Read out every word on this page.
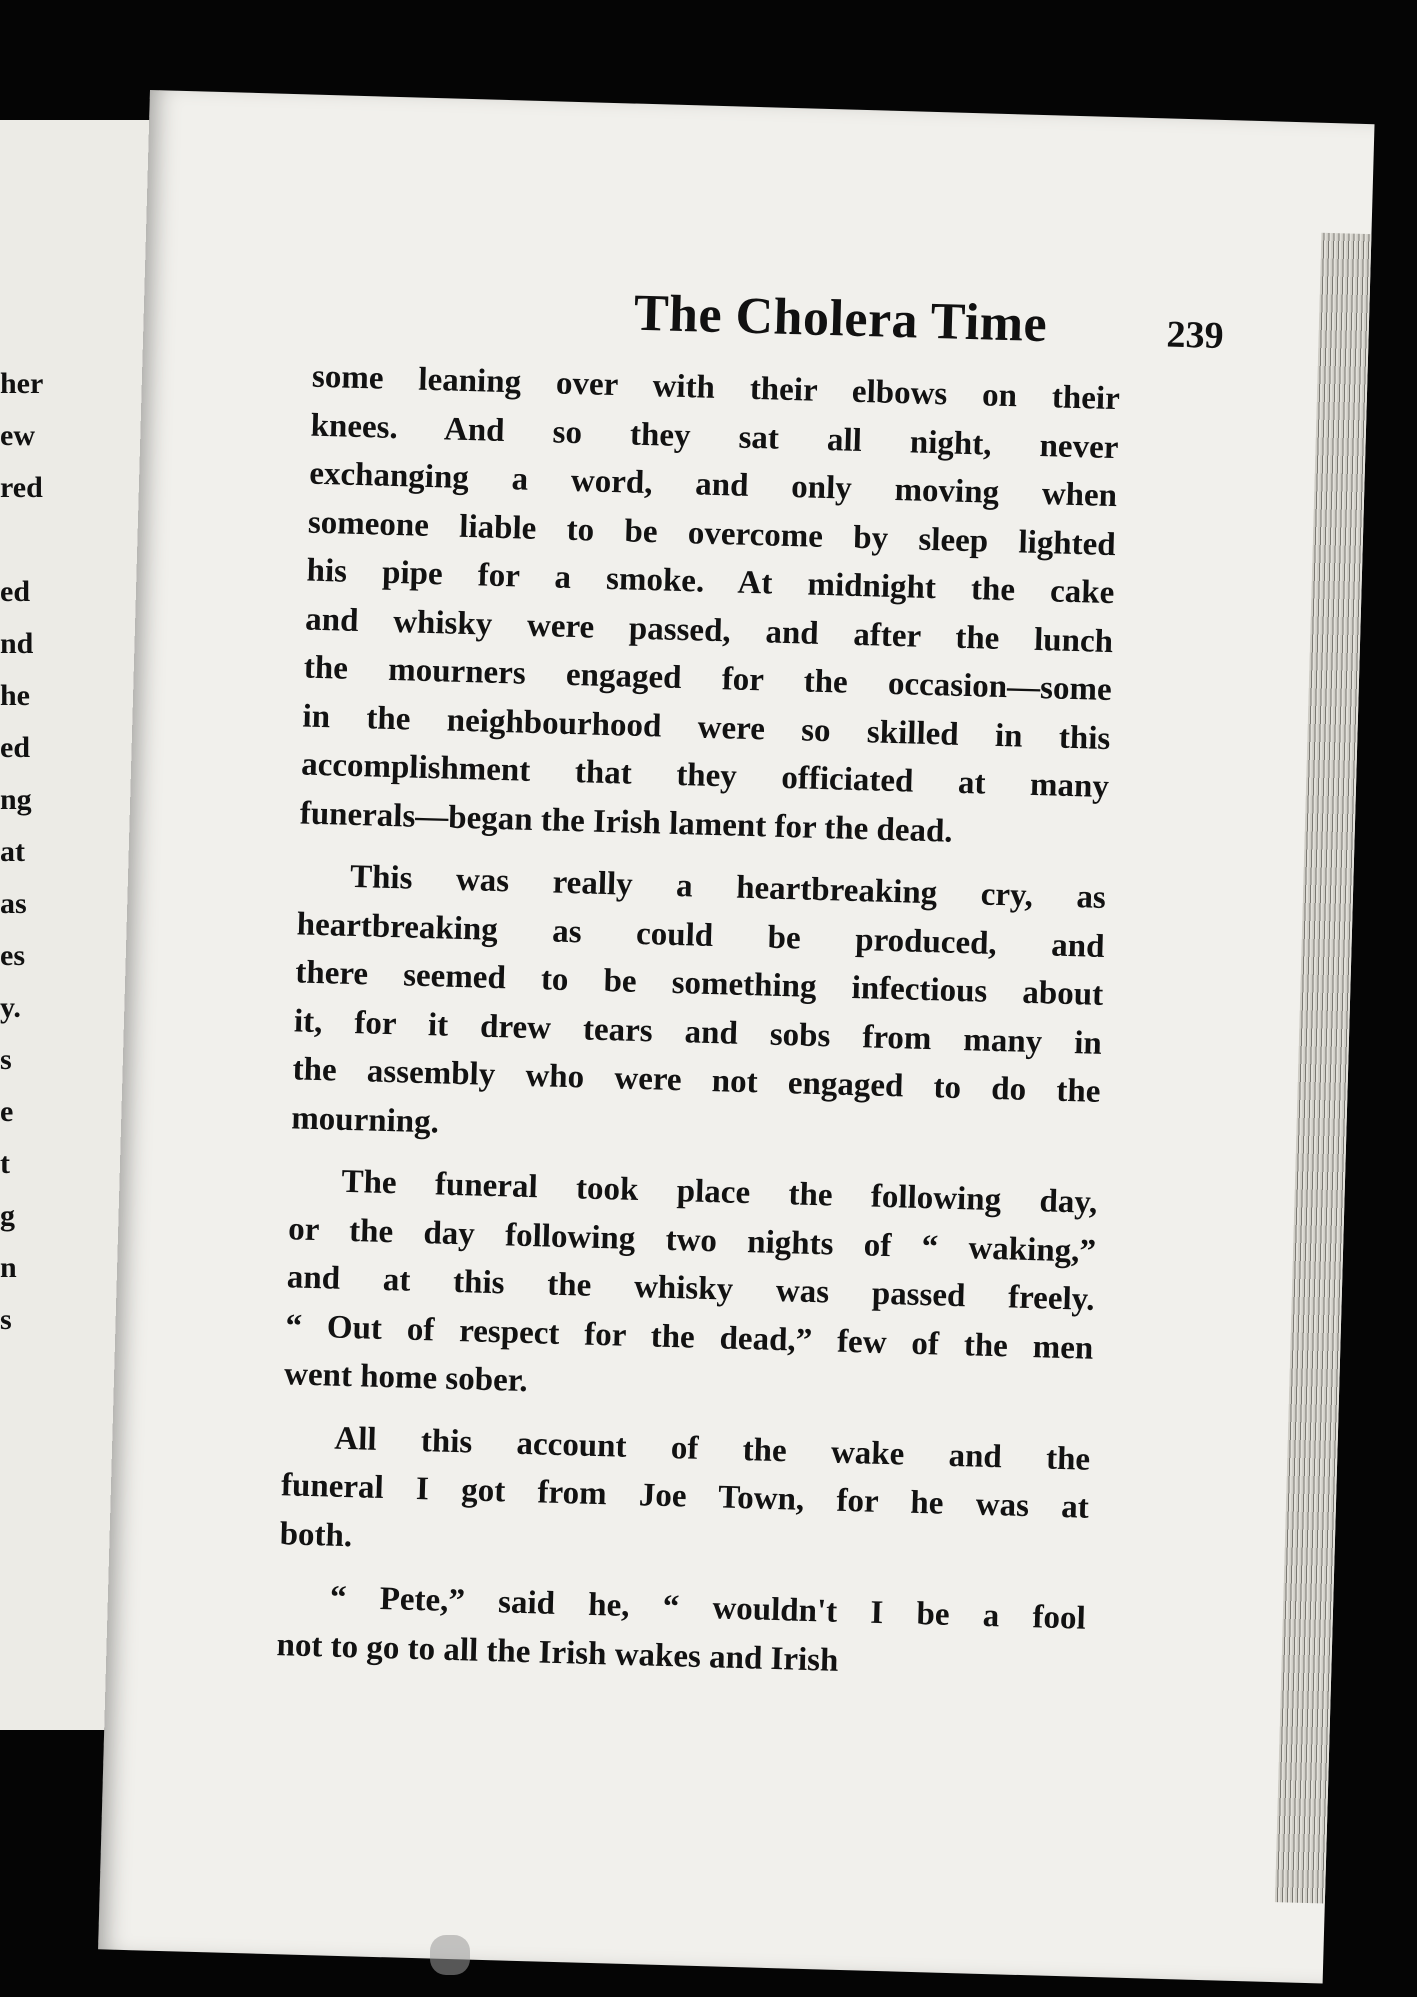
her
ew
red
ed
nd
he
ed
ng
at
as
es
y.
s
e
t
g
n
s
The Cholera Time	239
some leaning over with their elbows on their
knees. And so they sat all night, never
exchanging a word, and only moving when
someone liable to be overcome by sleep lighted
his pipe for a smoke. At midnight the cake
and whisky were passed, and after the lunch
the mourners engaged for the occasion—some
in the neighbourhood were so skilled in this
accomplishment that they officiated at many
funerals—began the Irish lament for the dead.
This was really a heartbreaking cry, as
heartbreaking as could be produced, and
there seemed to be something infectious about
it, for it drew tears and sobs from many in
the assembly who were not engaged to do the
mourning.
The funeral took place the following day,
or the day following two nights of “ waking,”
and at this the whisky was passed freely.
“ Out of respect for the dead,” few of the men
went home sober.
All this account of the wake and the
funeral I got from Joe Town, for he was at
both.
“ Pete,” said he, “ wouldn't I be a fool
not to go to all the Irish wakes and Irish
